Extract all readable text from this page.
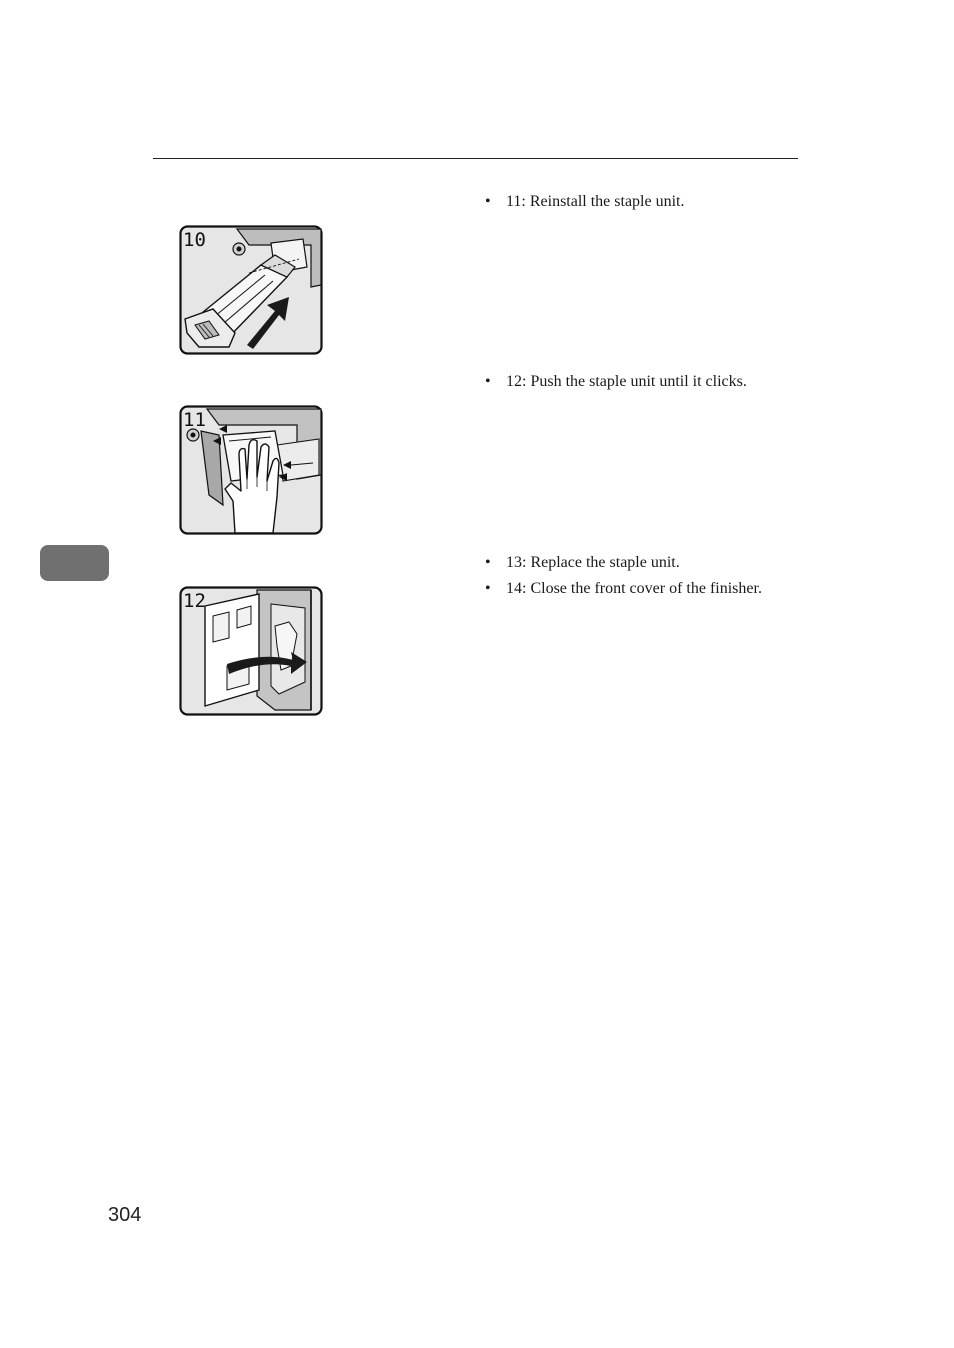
10
11
12
• 11: Reinstall the staple unit.
• 12: Push the staple unit until it clicks.
• 13: Replace the staple unit.
• 14: Close the front cover of the finisher.
304
